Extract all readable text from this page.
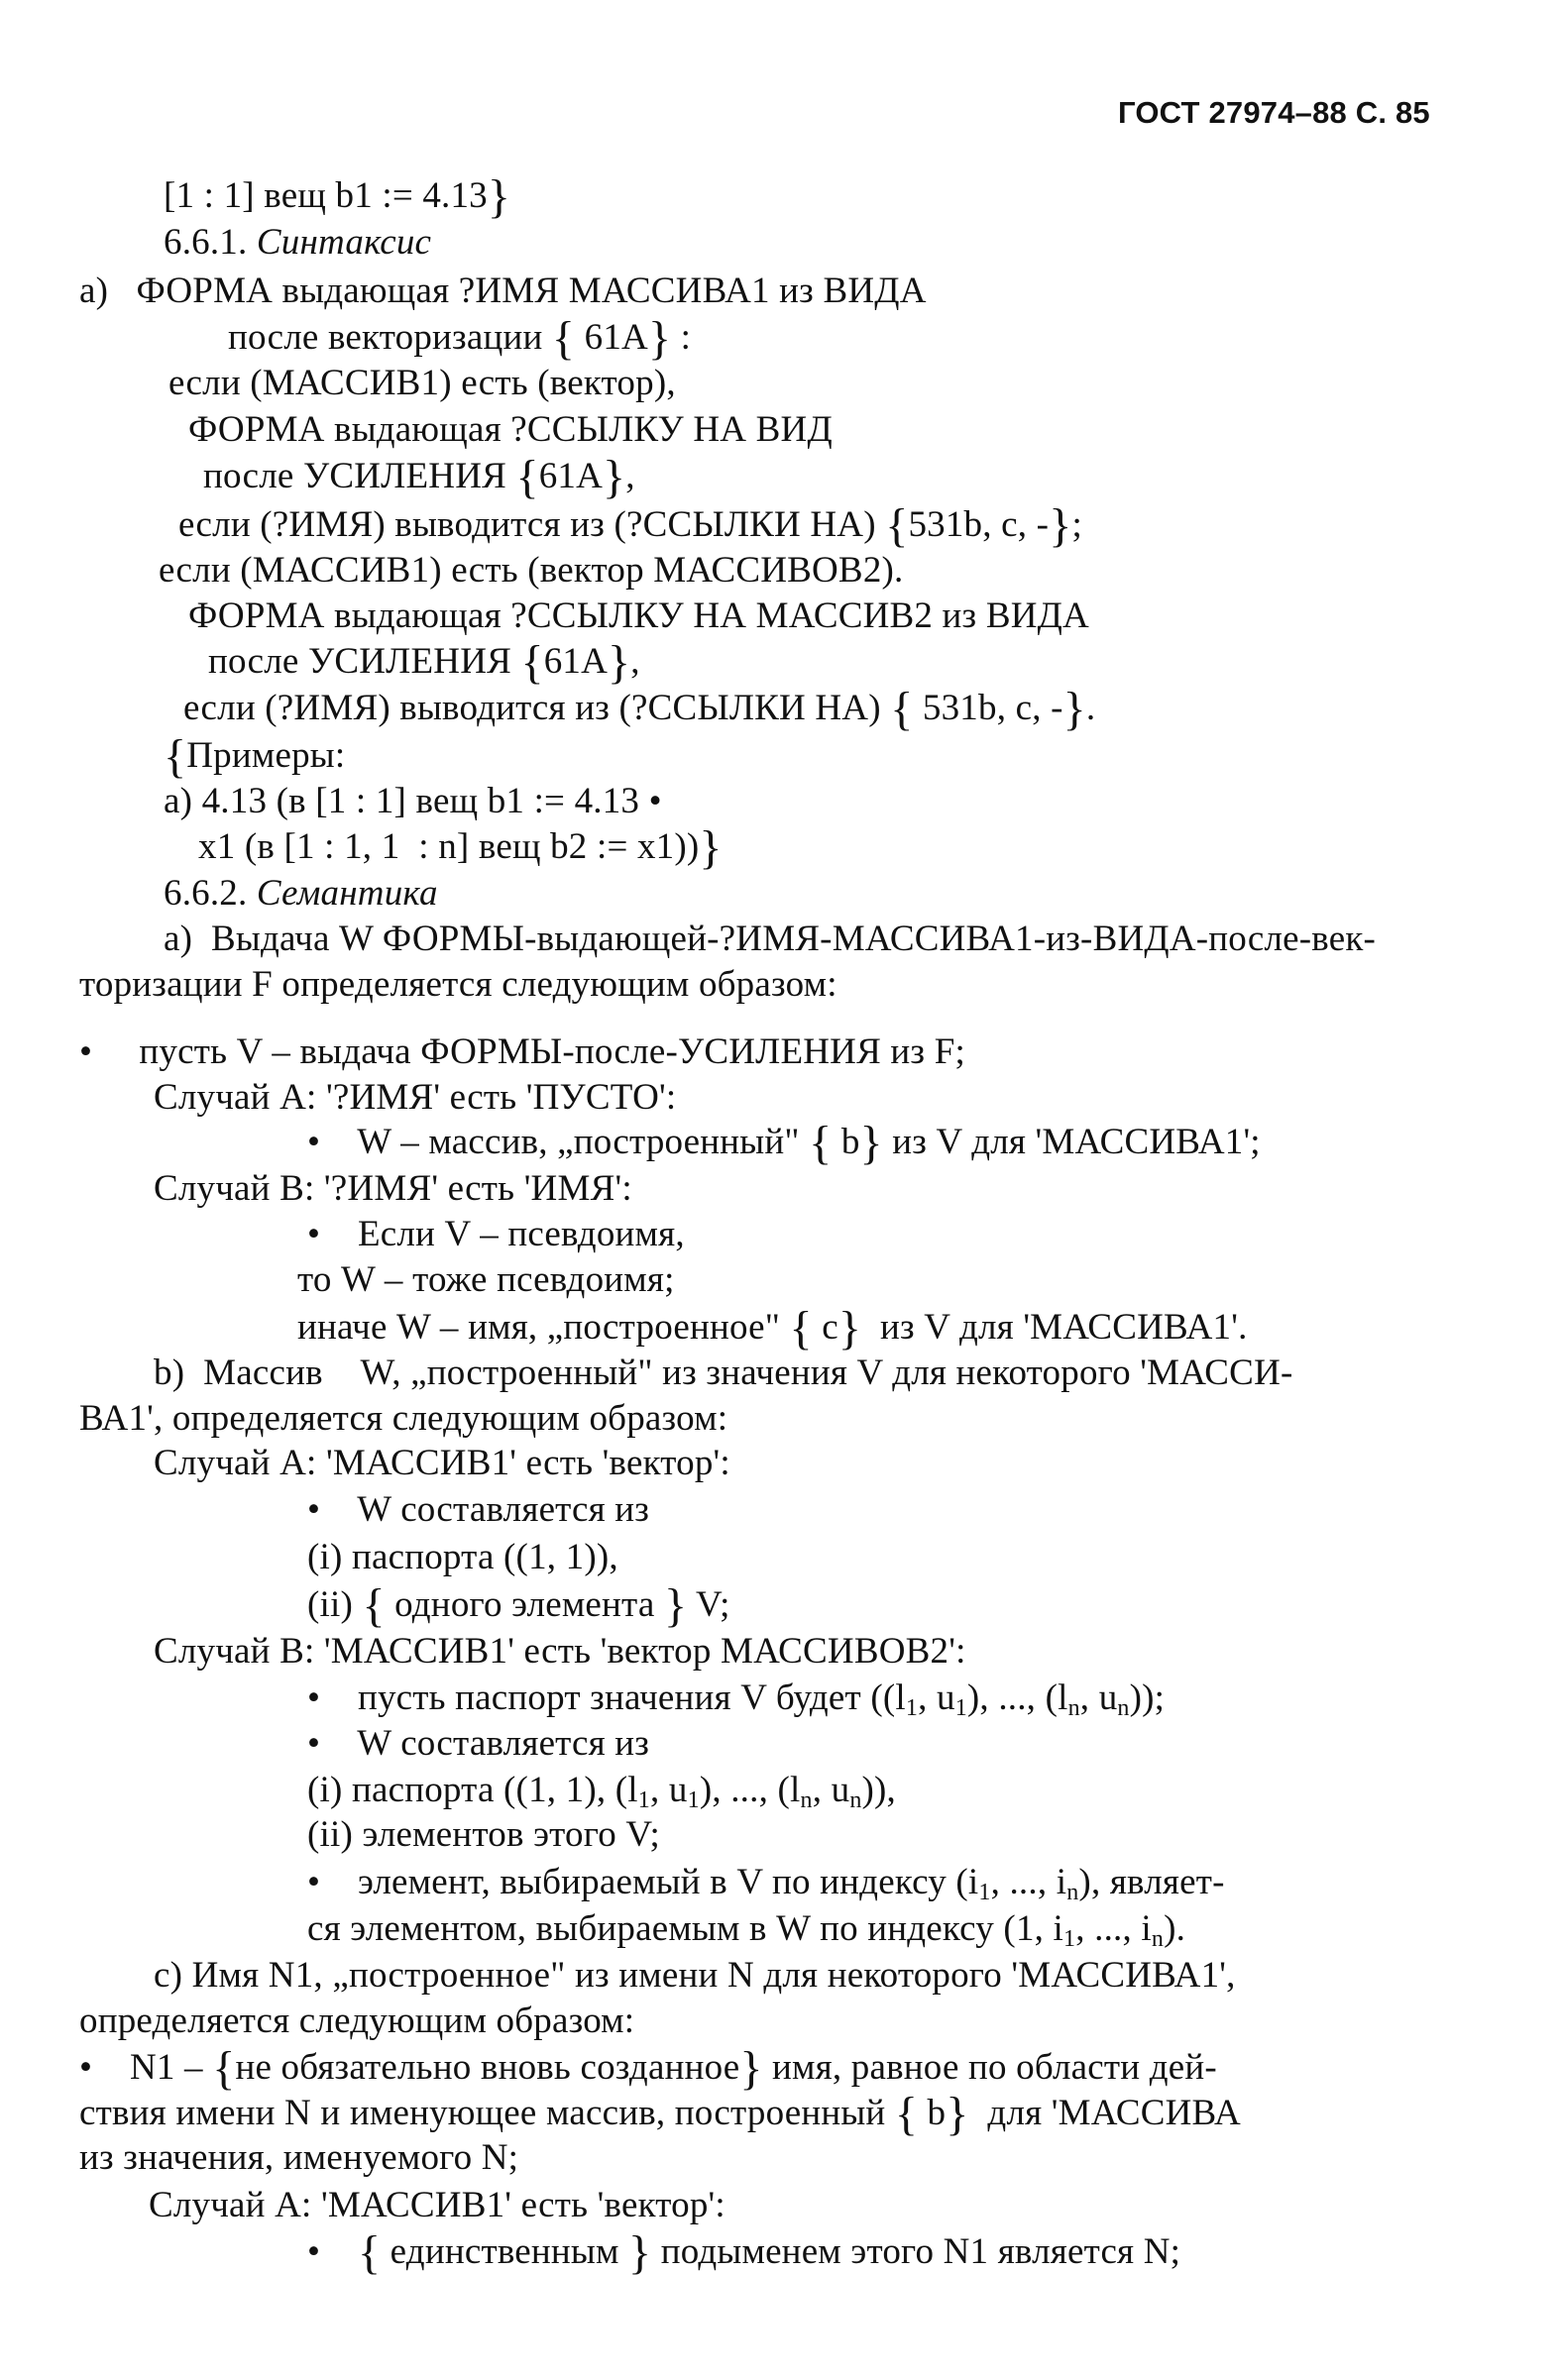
ГОСТ 27974–88 С. 85
[1 : 1] вещ b1 := 4.13}
6.6.1. Синтаксис
a)   ФОРМА выдающая ?ИМЯ МАССИВА1 из ВИДА
после векторизации { 61A} :
если (МАССИВ1) есть (вектор),
ФОРМА выдающая ?ССЫЛКУ НА ВИД
после УСИЛЕНИЯ {61A},
если (?ИМЯ) выводится из (?ССЫЛКИ НА) {531b, c, -};
если (МАССИВ1) есть (вектор МАССИВОВ2).
ФОРМА выдающая ?ССЫЛКУ НА МАССИВ2 из ВИДА
после УСИЛЕНИЯ {61A},
если (?ИМЯ) выводится из (?ССЫЛКИ НА) { 531b, c, -}.
{Примеры:
a) 4.13 (в [1 : 1] вещ b1 := 4.13 •
x1 (в [1 : 1, 1  : n] вещ b2 := x1))}
6.6.2. Семантика
a)  Выдача W ФОРМЫ-выдающей-?ИМЯ-МАССИВА1-из-ВИДА-после-век-
торизации F определяется следующим образом:
•     пусть V – выдача ФОРМЫ-после-УСИЛЕНИЯ из F;
Случай A: '?ИМЯ' есть 'ПУСТО':
•    W – массив, „построенный" { b} из V для 'МАССИВА1';
Случай B: '?ИМЯ' есть 'ИМЯ':
•    Если V – псевдоимя,
то W – тоже псевдоимя;
иначе W – имя, „построенное" { c}  из V для 'МАССИВА1'.
b)  Массив    W, „построенный" из значения V для некоторого 'МАССИ-
ВА1', определяется следующим образом:
Случай A: 'МАССИВ1' есть 'вектор':
•    W составляется из
(i) паспорта ((1, 1)),
(ii) { одного элемента } V;
Случай B: 'МАССИВ1' есть 'вектор МАССИВОВ2':
•    пусть паспорт значения V будет (($l_1$, $u_1$), ..., ($l_n$, $u_n$));
•    W составляется из
(i) паспорта ((1, 1), ($l_1$, $u_1$), ..., ($l_n$, $u_n$)),
(ii) элементов этого V;
•    элемент, выбираемый в V по индексу ($i_1$, ..., $i_n$), являет-
ся элементом, выбираемым в W по индексу (1, $i_1$, ..., $i_n$).
c) Имя N1, „построенное" из имени N для некоторого 'МАССИВА1',
определяется следующим образом:
•    N1 – {не обязательно вновь созданное} имя, равное по области дей-
ствия имени N и именующее массив, построенный { b}  для 'МАССИВА
из значения, именуемого N;
Случай A: 'МАССИВ1' есть 'вектор':
•    { единственным } подыменем этого N1 является N;
